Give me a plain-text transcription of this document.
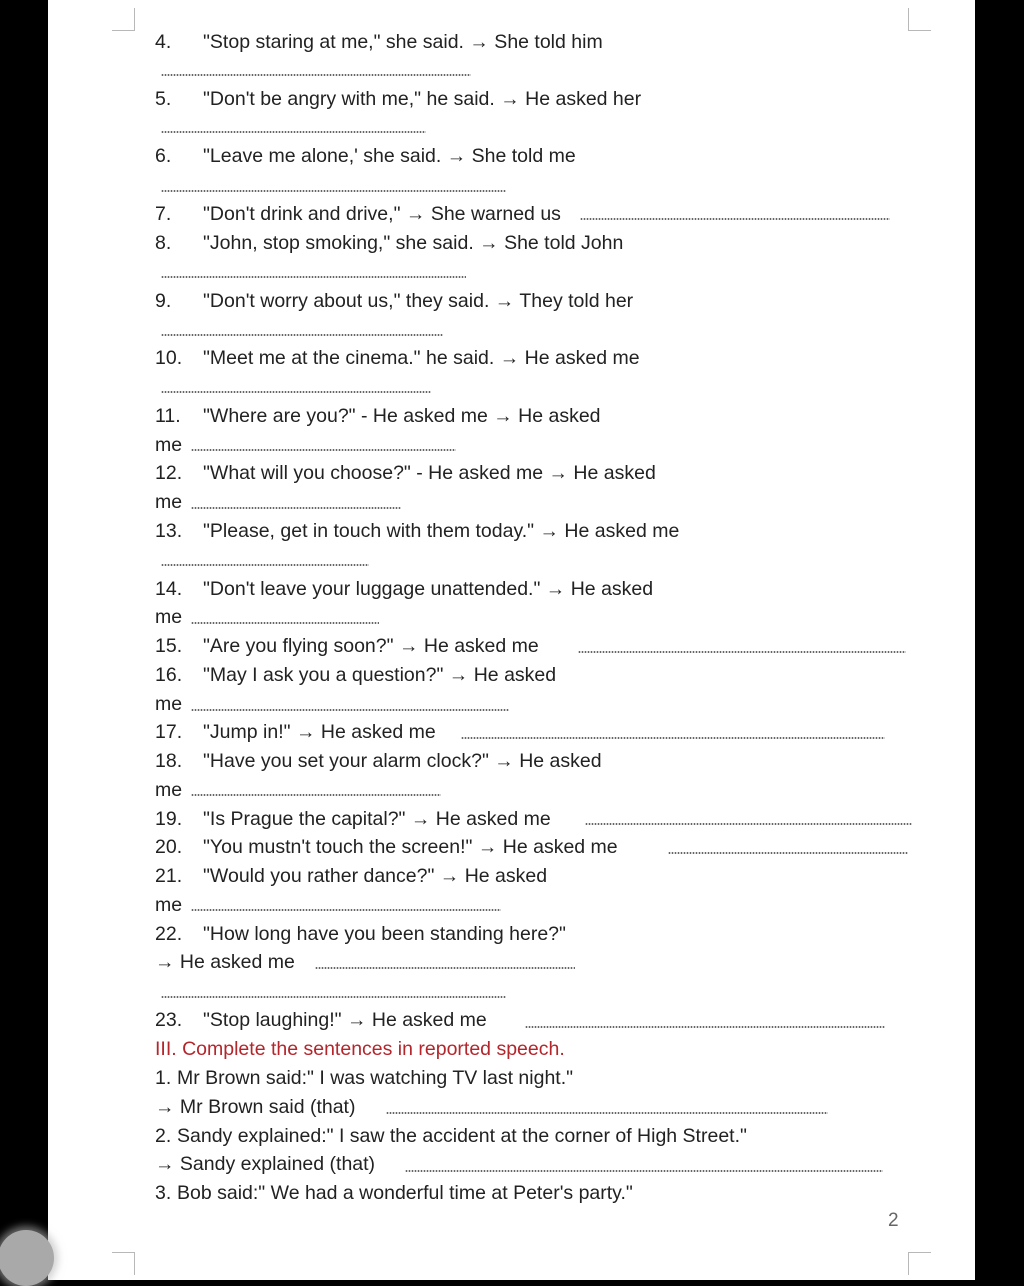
4. "Stop staring at me," she said. → She told him
5. "Don't be angry with me," he said. → He asked her
6. "Leave me alone,' she said. → She told me
7. "Don't drink and drive," → She warned us
8. "John, stop smoking," she said. → She told John
9. "Don't worry about us," they said. → They told her
10. "Meet me at the cinema." he said. → He asked me
11. "Where are you?" - He asked me → He asked
me
12. "What will you choose?" - He asked me → He asked
me
13. "Please, get in touch with them today." → He asked me
14. "Don't leave your luggage unattended." → He asked
me
15. "Are you flying soon?" → He asked me
16. "May I ask you a question?" → He asked
me
17. "Jump in!" → He asked me
18. "Have you set your alarm clock?" → He asked
me
19. "Is Prague the capital?" → He asked me
20. "You mustn't touch the screen!" → He asked me
21. "Would you rather dance?" → He asked
me
22. "How long have you been standing here?"
→ He asked me
23. "Stop laughing!" → He asked me
III. Complete the sentences in reported speech.
1. Mr Brown said:" I was watching TV last night."
→ Mr Brown said (that)
2. Sandy explained:" I saw the accident at the corner of High Street."
→ Sandy explained (that)
3. Bob said:" We had a wonderful time at Peter's party."
2
